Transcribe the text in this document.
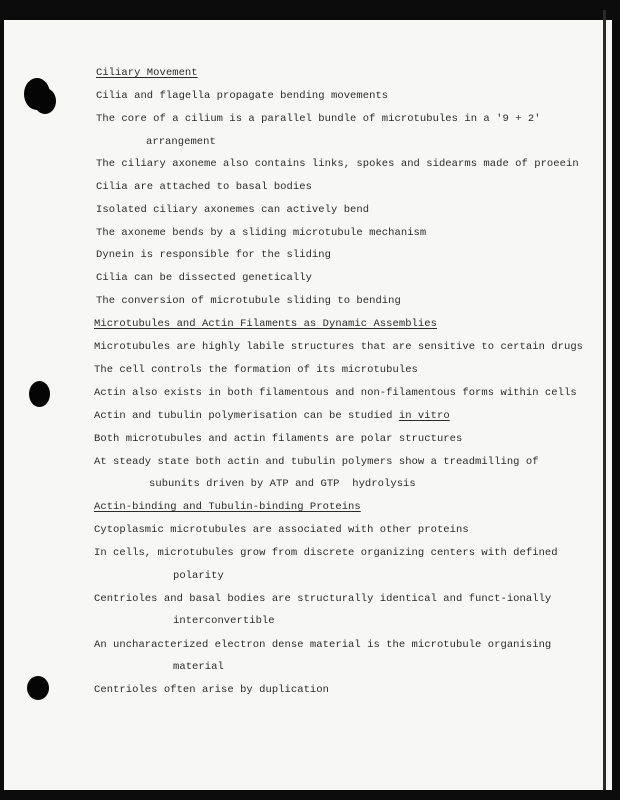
Ciliary Movement

Cilia and flagella propagate bending movements

The core of a cilium is a parallel bundle of microtubules in a '9 + 2'

arrangement

The ciliary axoneme also contains links, spokes and sidearms made of proeein

Cilia are attached to basal bodies

Isolated ciliary axonemes can actively bend

The axoneme bends by a sliding microtubule mechanism

Dynein is responsible for the sliding

Cilia can be dissected genetically

The conversion of microtubule sliding to bending

Microtubules and Actin Filaments as Dynamic Assemblies

Microtubules are highly labile structures that are sensitive to certain drugs

The cell controls the formation of its microtubules

Actin also exists in both filamentous and non-filamentous forms within cells

Actin and tubulin polymerisation can be studied in vitro

Both microtubules and actin filaments are polar structures

At steady state both actin and tubulin polymers show a treadmilling of

subunits driven by ATP and GTP  hydrolysis

Actin-binding and Tubulin-binding Proteins

Cytoplasmic microtubules are associated with other proteins

In cells, microtubules grow from discrete organizing centers with defined

polarity

Centrioles and basal bodies are structurally identical and funct-ionally

interconvertible

An uncharacterized electron dense material is the microtubule organising

material

Centrioles often arise by duplication
